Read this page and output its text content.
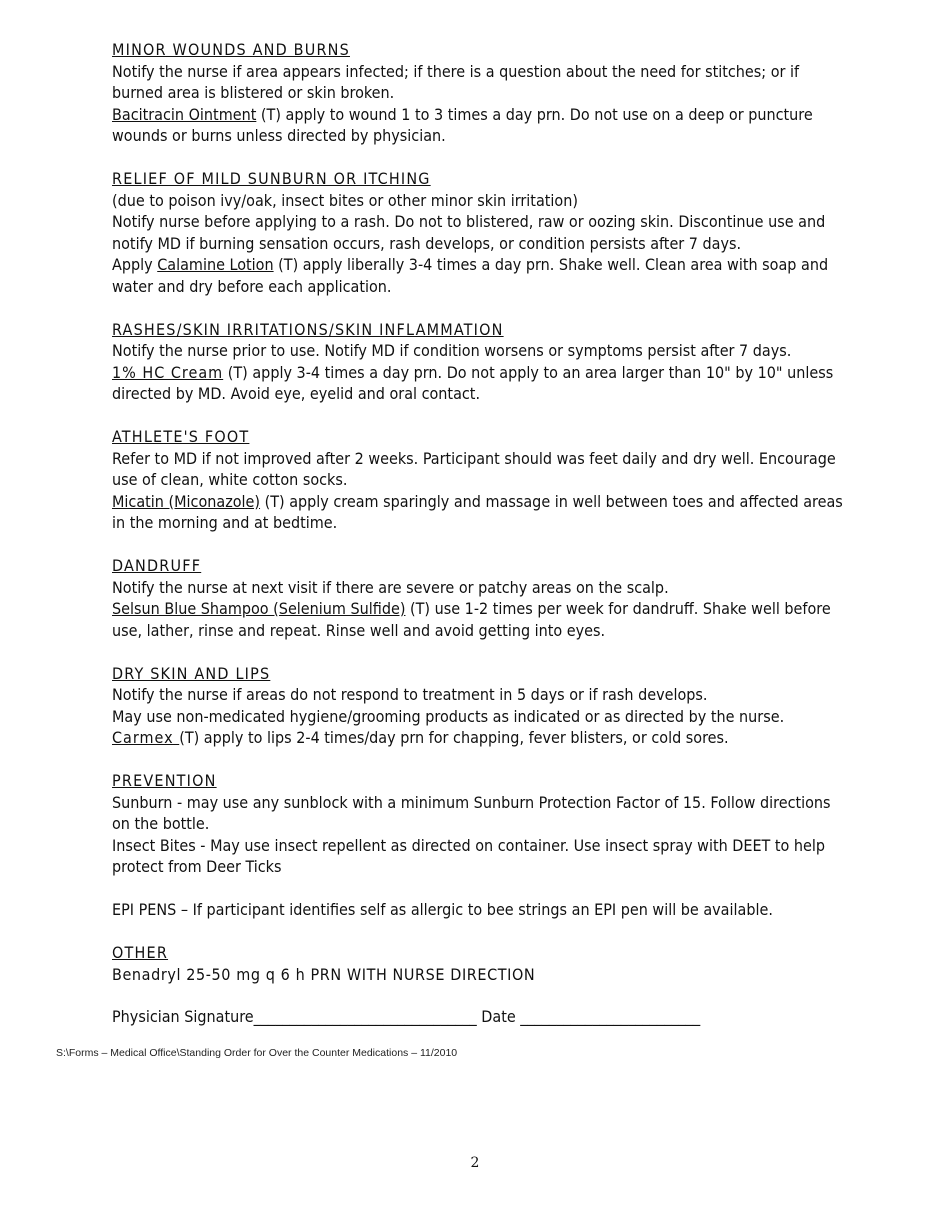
MINOR WOUNDS AND BURNS

Notify the nurse if area appears infected; if there is a question about the need for stitches; or if burned area is blistered or skin broken.

Bacitracin Ointment (T) apply to wound 1 to 3 times a day prn. Do not use on a deep or puncture wounds or burns unless directed by physician.

RELIEF OF MILD SUNBURN OR ITCHING

(due to poison ivy/oak, insect bites or other minor skin irritation)

Notify nurse before applying to a rash. Do not to blistered, raw or oozing skin. Discontinue use and notify MD if burning sensation occurs, rash develops, or condition persists after 7 days.

Apply Calamine Lotion (T) apply liberally 3-4 times a day prn. Shake well. Clean area with soap and water and dry before each application.

RASHES/SKIN IRRITATIONS/SKIN INFLAMMATION

Notify the nurse prior to use. Notify MD if condition worsens or symptoms persist after 7 days.

1% HC Cream (T) apply 3-4 times a day prn. Do not apply to an area larger than 10" by 10" unless directed by MD. Avoid eye, eyelid and oral contact.

ATHLETE'S FOOT

Refer to MD if not improved after 2 weeks. Participant should was feet daily and dry well. Encourage use of clean, white cotton socks.

Micatin (Miconazole) (T) apply cream sparingly and massage in well between toes and affected areas in the morning and at bedtime.

DANDRUFF

Notify the nurse at next visit if there are severe or patchy areas on the scalp.

Selsun Blue Shampoo (Selenium Sulfide) (T) use 1-2 times per week for dandruff. Shake well before use, lather, rinse and repeat. Rinse well and avoid getting into eyes.

DRY SKIN AND LIPS

Notify the nurse if areas do not respond to treatment in 5 days or if rash develops.

May use non-medicated hygiene/grooming products as indicated or as directed by the nurse.

Carmex (T) apply to lips 2-4 times/day prn for chapping, fever blisters, or cold sores.

PREVENTION

Sunburn - may use any sunblock with a minimum Sunburn Protection Factor of 15. Follow directions on the bottle.

Insect Bites - May use insect repellent as directed on container. Use insect spray with DEET to help protect from Deer Ticks

EPI PENS – If participant identifies self as allergic to bee strings an EPI pen will be available.

OTHER

Benadryl 25-50 mg q 6 h PRN WITH NURSE DIRECTION

Physician Signature_______________________________ Date _________________________

S:\Forms – Medical Office\Standing Order for Over the Counter Medications – 11/2010
2
